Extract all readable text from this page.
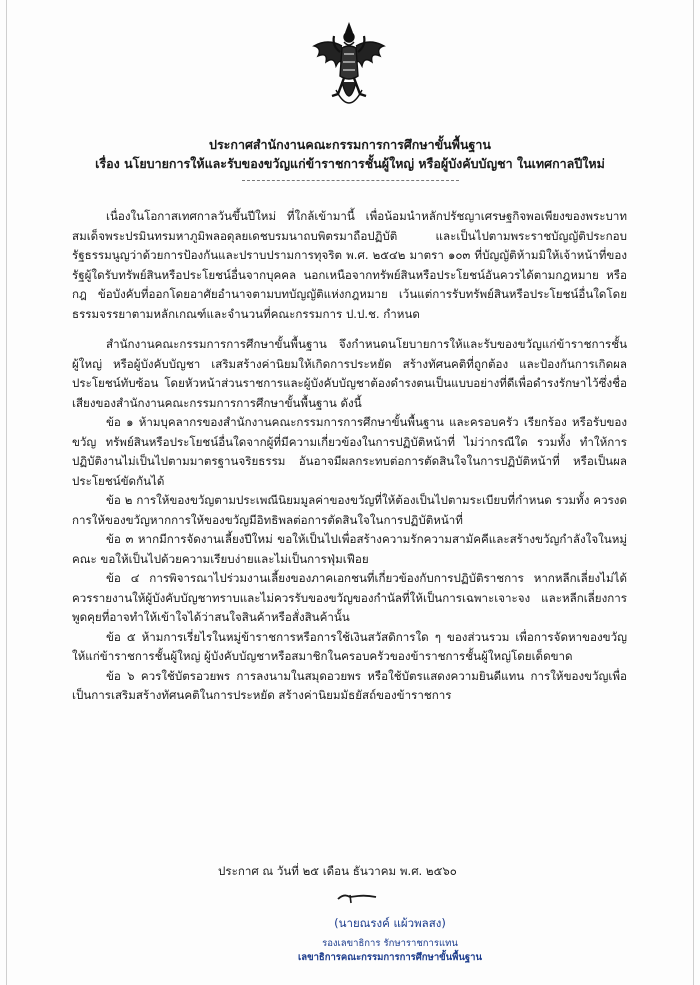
ประกาศสำนักงานคณะกรรมการการศึกษาขั้นพื้นฐาน
เรื่อง นโยบายการให้และรับของขวัญแก่ข้าราชการชั้นผู้ใหญ่ หรือผู้บังคับบัญชา ในเทศกาลปีใหม่

เนื่องในโอกาสเทศกาลวันขึ้นปีใหม่ ที่ใกล้เข้ามานี้ เพื่อน้อมนำหลักปรัชญาเศรษฐกิจพอเพียงของพระบาทสมเด็จพระปรมินทรมหาภูมิพลอดุลยเดชบรมนาถบพิตรมาถือปฏิบัติ และเป็นไปตามพระราชบัญญัติประกอบรัฐธรรมนูญว่าด้วยการป้องกันและปราบปรามการทุจริต พ.ศ. ๒๕๔๒ มาตรา ๑๐๓ ที่บัญญัติห้ามมิให้เจ้าหน้าที่ของรัฐผู้ใดรับทรัพย์สินหรือประโยชน์อื่นจากบุคคล นอกเหนือจากทรัพย์สินหรือประโยชน์อันควรได้ตามกฎหมาย หรือกฎ ข้อบังคับที่ออกโดยอาศัยอำนาจตามบทบัญญัติแห่งกฎหมาย เว้นแต่การรับทรัพย์สินหรือประโยชน์อื่นใดโดยธรรมจรรยาตามหลักเกณฑ์และจำนวนที่คณะกรรมการ ป.ป.ช. กำหนด

สำนักงานคณะกรรมการการศึกษาขั้นพื้นฐาน จึงกำหนดนโยบายการให้และรับของขวัญแก่ข้าราชการชั้นผู้ใหญ่ หรือผู้บังคับบัญชา เสริมสร้างค่านิยมให้เกิดการประหยัด สร้างทัศนคติที่ถูกต้อง และป้องกันการเกิดผลประโยชน์ทับซ้อน โดยหัวหน้าส่วนราชการและผู้บังคับบัญชาต้องดำรงตนเป็นแบบอย่างที่ดีเพื่อดำรงรักษาไว้ซึ่งชื่อเสียงของสำนักงานคณะกรรมการการศึกษาขั้นพื้นฐาน ดังนี้

ข้อ ๑ ห้ามบุคลากรของสำนักงานคณะกรรมการการศึกษาขั้นพื้นฐาน และครอบครัว เรียกร้อง หรือรับของขวัญ ทรัพย์สินหรือประโยชน์อื่นใดจากผู้ที่มีความเกี่ยวข้องในการปฏิบัติหน้าที่ ไม่ว่ากรณีใด รวมทั้ง ทำให้การปฏิบัติงานไม่เป็นไปตามมาตรฐานจริยธรรม อันอาจมีผลกระทบต่อการตัดสินใจในการปฏิบัติหน้าที่ หรือเป็นผลประโยชน์ขัดกันได้

ข้อ ๒ การให้ของขวัญตามประเพณีนิยมมูลค่าของขวัญที่ให้ต้องเป็นไปตามระเบียบที่กำหนด รวมทั้ง ควรงดการให้ของขวัญหากการให้ของขวัญมีอิทธิพลต่อการตัดสินใจในการปฏิบัติหน้าที่

ข้อ ๓ หากมีการจัดงานเลี้ยงปีใหม่ ขอให้เป็นไปเพื่อสร้างความรักความสามัคคีและสร้างขวัญกำลังใจในหมู่คณะ ขอให้เป็นไปด้วยความเรียบง่ายและไม่เป็นการฟุ่มเฟือย

ข้อ ๔ การพิจารณาไปร่วมงานเลี้ยงของภาคเอกชนที่เกี่ยวข้องกับการปฏิบัติราชการ หากหลีกเลี่ยงไม่ได้ ควรรายงานให้ผู้บังคับบัญชาทราบและไม่ควรรับของขวัญของกำนัลที่ให้เป็นการเฉพาะเจาะจง และหลีกเลี่ยงการพูดคุยที่อาจทำให้เข้าใจได้ว่าสนใจสินค้าหรือสั่งสินค้านั้น

ข้อ ๕ ห้ามการเรี่ยไรในหมู่ข้าราชการหรือการใช้เงินสวัสดิการใด ๆ ของส่วนรวม เพื่อการจัดหาของขวัญให้แก่ข้าราชการชั้นผู้ใหญ่ ผู้บังคับบัญชาหรือสมาชิกในครอบครัวของข้าราชการชั้นผู้ใหญ่โดยเด็ดขาด

ข้อ ๖ ควรใช้บัตรอวยพร การลงนามในสมุดอวยพร หรือใช้บัตรแสดงความยินดีแทน การให้ของขวัญเพื่อเป็นการเสริมสร้างทัศนคติในการประหยัด สร้างค่านิยมมัธยัสถ์ของข้าราชการ

ประกาศ ณ วันที่ ๒๕ เดือน ธันวาคม พ.ศ. ๒๕๖๐
(นายณรงค์ แผ้วพลสง)
รองเลขาธิการ รักษาราชการแทน
เลขาธิการคณะกรรมการการศึกษาขั้นพื้นฐาน
